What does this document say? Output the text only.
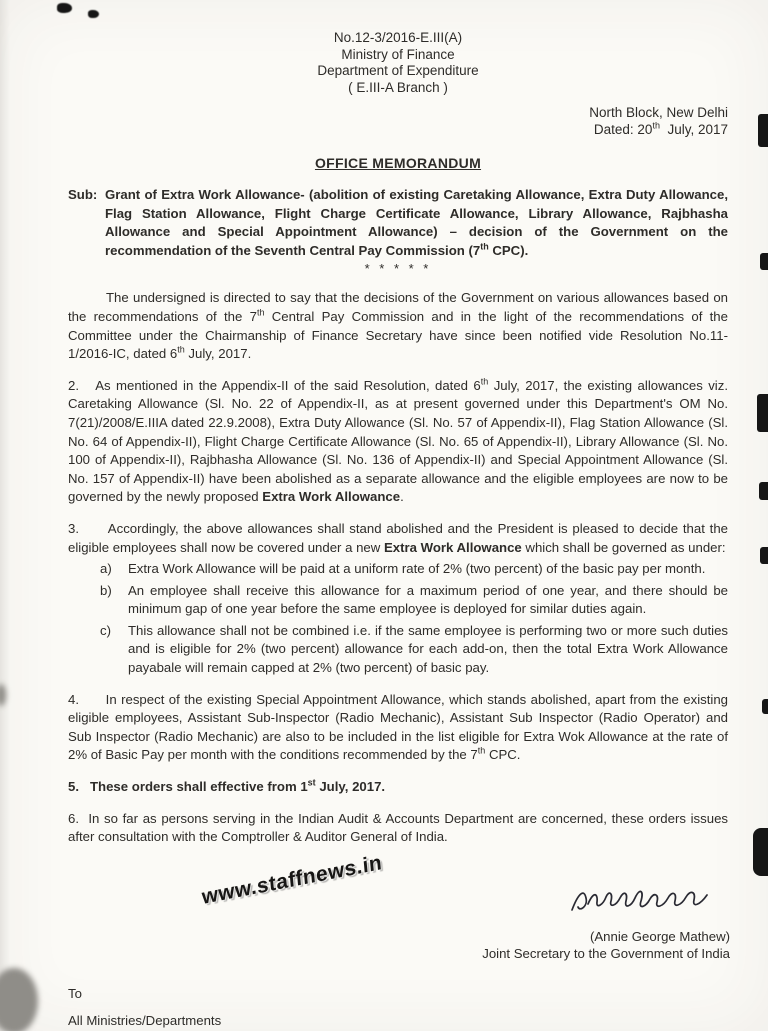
No.12-3/2016-E.III(A)
Ministry of Finance
Department of Expenditure
( E.III-A Branch )
North Block, New Delhi
Dated: 20th  July, 2017
OFFICE MEMORANDUM
Sub: Grant of Extra Work Allowance- (abolition of existing Caretaking Allowance, Extra Duty Allowance, Flag Station Allowance, Flight Charge Certificate Allowance, Library Allowance, Rajbhasha Allowance and Special Appointment Allowance) – decision of the Government on the recommendation of the Seventh Central Pay Commission (7th CPC).
* * * * *
The undersigned is directed to say that the decisions of the Government on various allowances based on the recommendations of the 7th Central Pay Commission and in the light of the recommendations of the Committee under the Chairmanship of Finance Secretary have since been notified vide Resolution No.11-1/2016-IC, dated 6th July, 2017.
2.   As mentioned in the Appendix-II of the said Resolution, dated 6th July, 2017, the existing allowances viz. Caretaking Allowance (Sl. No. 22 of Appendix-II, as at present governed under this Department's OM No. 7(21)/2008/E.IIIA dated 22.9.2008), Extra Duty Allowance (Sl. No. 57 of Appendix-II), Flag Station Allowance (Sl. No. 64 of Appendix-II), Flight Charge Certificate Allowance (Sl. No. 65 of Appendix-II), Library Allowance (Sl. No. 100 of Appendix-II), Rajbhasha Allowance (Sl. No. 136 of Appendix-II) and Special Appointment Allowance (Sl. No. 157 of Appendix-II) have been abolished as a separate allowance and the eligible employees are now to be governed by the newly proposed Extra Work Allowance.
3.      Accordingly, the above allowances shall stand abolished and the President is pleased to decide that the eligible employees shall now be covered under a new Extra Work Allowance which shall be governed as under:
a)	Extra Work Allowance will be paid at a uniform rate of 2% (two percent) of the basic pay per month.
b)	An employee shall receive this allowance for a maximum period of one year, and there should be minimum gap of one year before the same employee is deployed for similar duties again.
c)	This allowance shall not be combined i.e. if the same employee is performing two or more such duties and is eligible for 2% (two percent) allowance for each add-on, then the total Extra Work Allowance payabale will remain capped at 2% (two percent) of basic pay.
4.      In respect of the existing Special Appointment Allowance, which stands abolished, apart from the existing eligible employees, Assistant Sub-Inspector (Radio Mechanic), Assistant Sub Inspector (Radio Operator) and Sub Inspector (Radio Mechanic) are also to be included in the list eligible for Extra Wok Allowance at the rate of 2% of Basic Pay per month with the conditions recommended by the 7th CPC.
5.   These orders shall effective from 1st July, 2017.
6.  In so far as persons serving in the Indian Audit & Accounts Department are concerned, these orders issues after consultation with the Comptroller & Auditor General of India.
www.staffnews.in
(Annie George Mathew)
Joint Secretary to the Government of India
To
All Ministries/Departments
